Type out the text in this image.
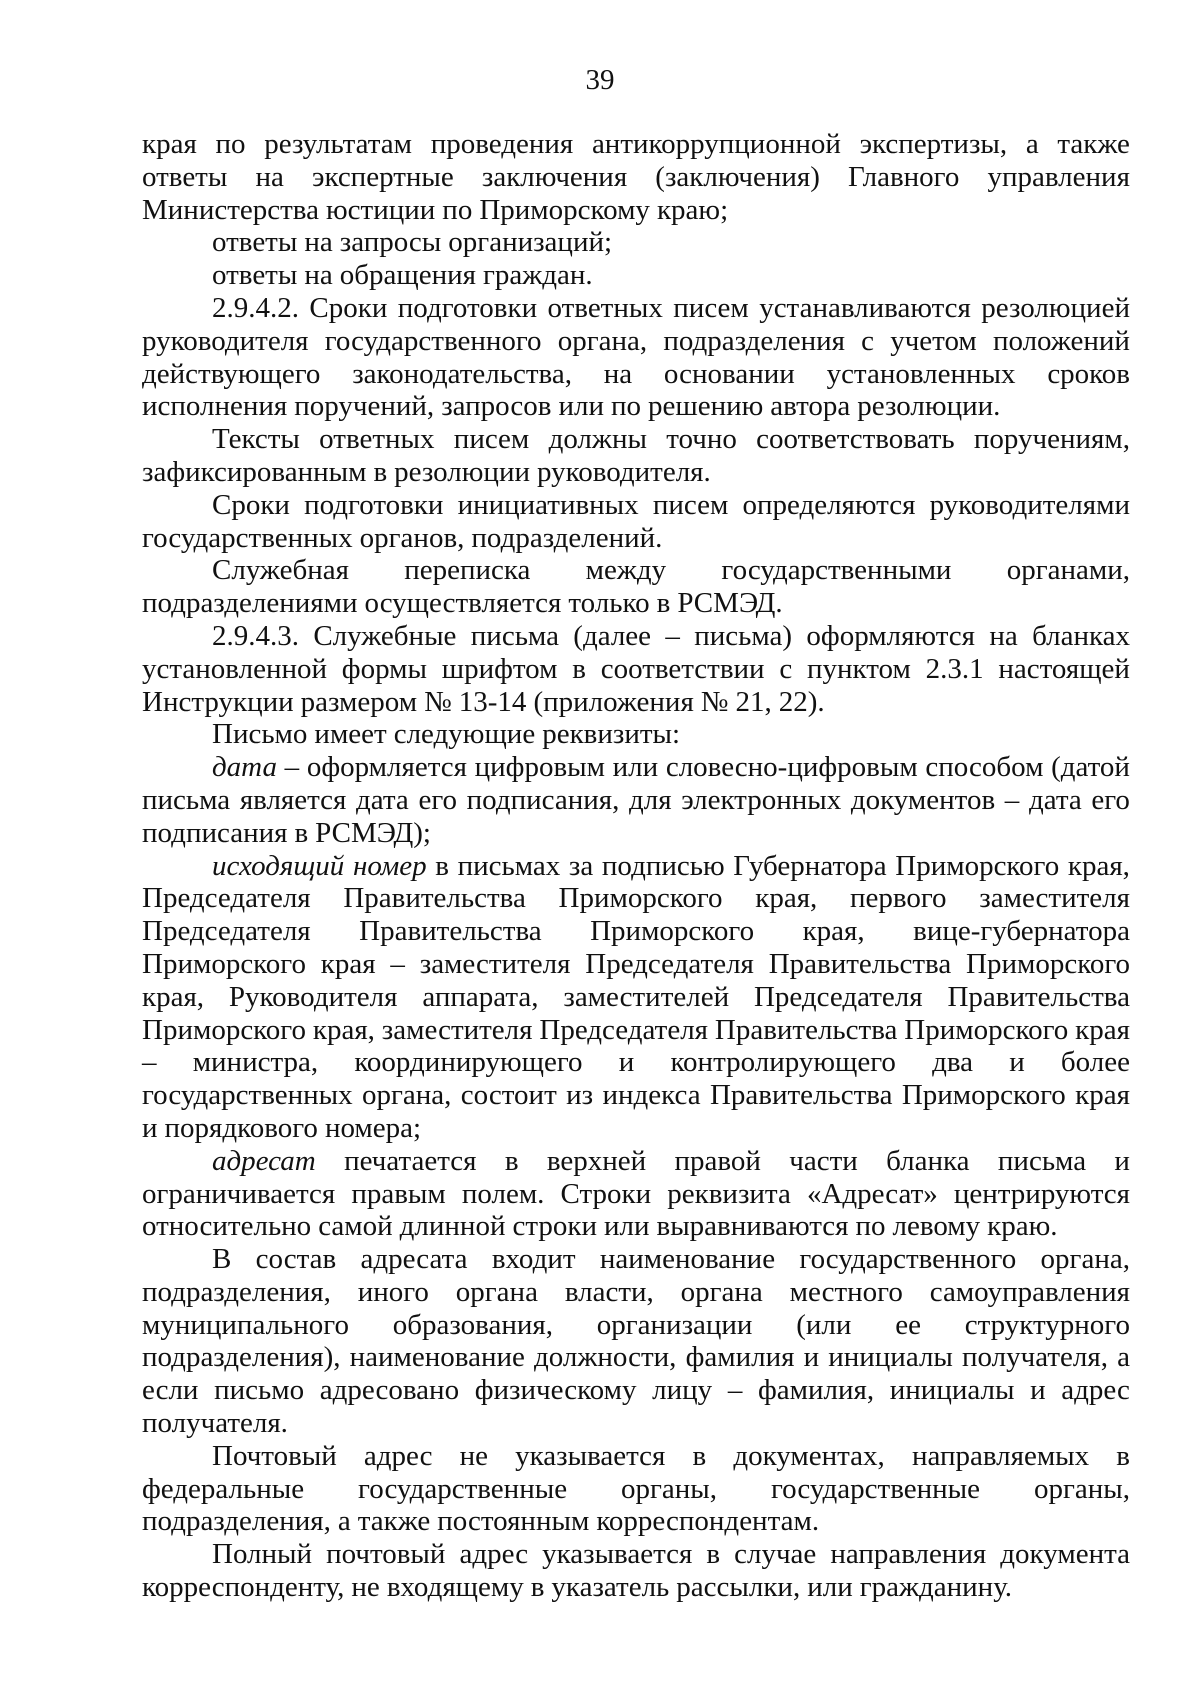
39
края по результатам проведения антикоррупционной экспертизы, а также
ответы на экспертные заключения (заключения) Главного управления
Министерства юстиции по Приморскому краю;
ответы на запросы организаций;
ответы на обращения граждан.
2.9.4.2. Сроки подготовки ответных писем устанавливаются резолюцией
руководителя государственного органа, подразделения с учетом положений
действующего законодательства, на основании установленных сроков
исполнения поручений, запросов или по решению автора резолюции.
Тексты ответных писем должны точно соответствовать поручениям,
зафиксированным в резолюции руководителя.
Сроки подготовки инициативных писем определяются руководителями
государственных органов, подразделений.
Служебная переписка между государственными органами,
подразделениями осуществляется только в РСМЭД.
2.9.4.3. Служебные письма (далее – письма) оформляются на бланках
установленной формы шрифтом в соответствии с пунктом 2.3.1 настоящей
Инструкции размером № 13-14 (приложения № 21, 22).
Письмо имеет следующие реквизиты:
дата – оформляется цифровым или словесно-цифровым способом (датой
письма является дата его подписания, для электронных документов – дата его
подписания в РСМЭД);
исходящий номер в письмах за подписью Губернатора Приморского края,
Председателя Правительства Приморского края, первого заместителя
Председателя Правительства Приморского края, вице-губернатора
Приморского края – заместителя Председателя Правительства Приморского
края, Руководителя аппарата, заместителей Председателя Правительства
Приморского края, заместителя Председателя Правительства Приморского края
– министра, координирующего и контролирующего два и более
государственных органа, состоит из индекса Правительства Приморского края
и порядкового номера;
адресат печатается в верхней правой части бланка письма и
ограничивается правым полем. Строки реквизита «Адресат» центрируются
относительно самой длинной строки или выравниваются по левому краю.
В состав адресата входит наименование государственного органа,
подразделения, иного органа власти, органа местного самоуправления
муниципального образования, организации (или ее структурного
подразделения), наименование должности, фамилия и инициалы получателя, а
если письмо адресовано физическому лицу – фамилия, инициалы и адрес
получателя.
Почтовый адрес не указывается в документах, направляемых в
федеральные государственные органы, государственные органы,
подразделения, а также постоянным корреспондентам.
Полный почтовый адрес указывается в случае направления документа
корреспонденту, не входящему в указатель рассылки, или гражданину.
